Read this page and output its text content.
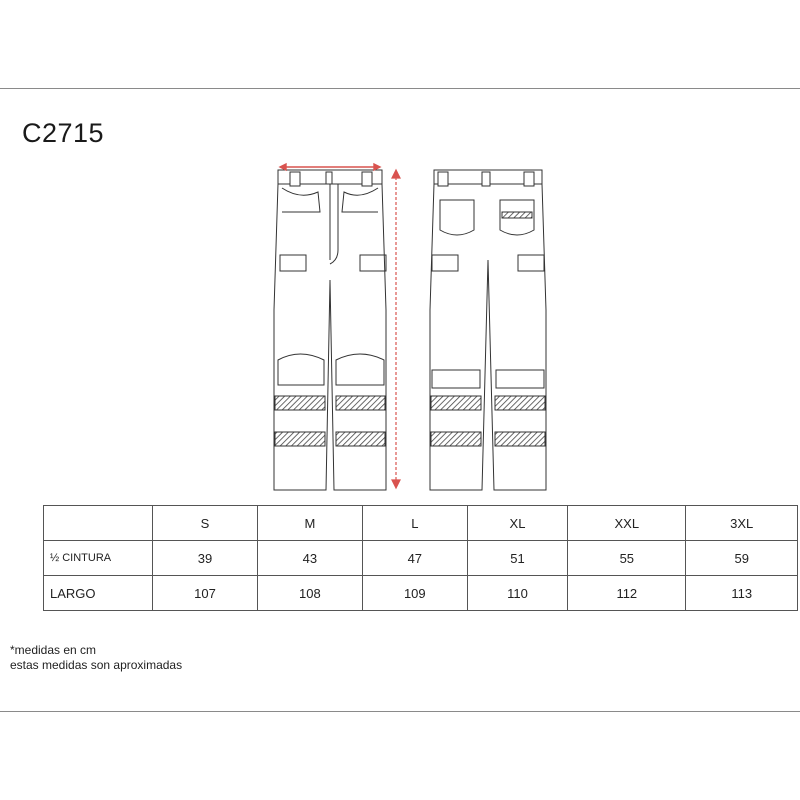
C2715
	S	M	L	XL	XXL	3XL
½ CINTURA	39	43	47	51	55	59
LARGO	107	108	109	110	112	113
*medidas en cm
estas medidas son aproximadas
